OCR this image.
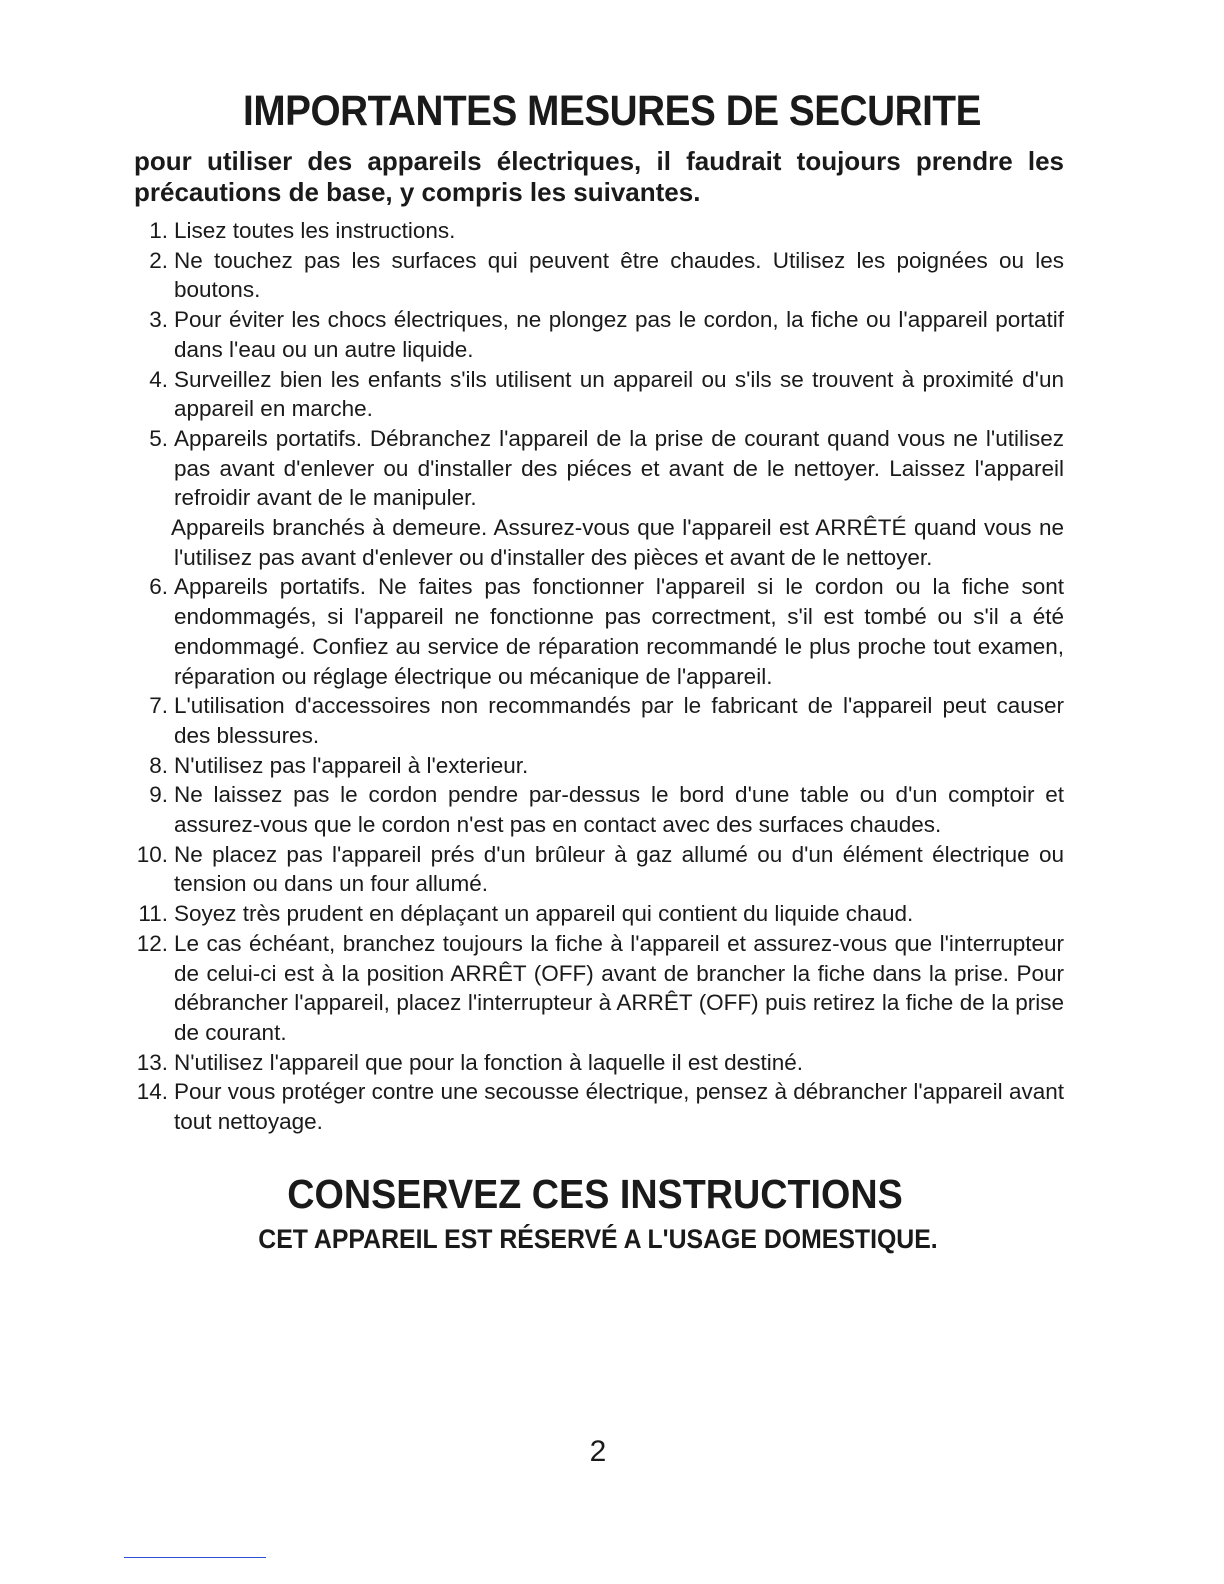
IMPORTANTES MESURES DE SECURITE

pour utiliser des appareils électriques, il faudrait toujours prendre les précautions de base, y compris les suivantes.

1. Lisez toutes les instructions.
2. Ne touchez pas les surfaces qui peuvent être chaudes. Utilisez les poignées ou les boutons.
3. Pour éviter les chocs électriques, ne plongez pas le cordon, la fiche ou l'appareil portatif dans l'eau ou un autre liquide.
4. Surveillez bien les enfants s'ils utilisent un appareil ou s'ils se trouvent à proximité d'un appareil en marche.
5. Appareils portatifs. Débranchez l'appareil de la prise de courant quand vous ne l'utilisez pas avant d'enlever ou d'installer des piéces et avant de le nettoyer. Laissez l'appareil refroidir avant de le manipuler.
Appareils branchés à demeure. Assurez-vous que l'appareil est ARRÊTÉ quand vous ne l'utilisez pas avant d'enlever ou d'installer des pièces et avant de le nettoyer.
6. Appareils portatifs. Ne faites pas fonctionner l'appareil si le cordon ou la fiche sont endommagés, si l'appareil ne fonctionne pas correctment, s'il est tombé ou s'il a été endommagé. Confiez au service de réparation recommandé le plus proche tout examen, réparation ou réglage électrique ou mécanique de l'appareil.
7. L'utilisation d'accessoires non recommandés par le fabricant de l'appareil peut causer des blessures.
8. N'utilisez pas l'appareil à l'exterieur.
9. Ne laissez pas le cordon pendre par-dessus le bord d'une table ou d'un comptoir et assurez-vous que le cordon n'est pas en contact avec des surfaces chaudes.
10. Ne placez pas l'appareil prés d'un brûleur à gaz allumé ou d'un élément électrique ou tension ou dans un four allumé.
11. Soyez très prudent en déplaçant un appareil qui contient du liquide chaud.
12. Le cas échéant, branchez toujours la fiche à l'appareil et assurez-vous que l'interrupteur de celui-ci est à la position ARRÊT (OFF) avant de brancher la fiche dans la prise. Pour débrancher l'appareil, placez l'interrupteur à ARRÊT (OFF) puis retirez la fiche de la prise de courant.
13. N'utilisez l'appareil que pour la fonction à laquelle il est destiné.
14. Pour vous protéger contre une secousse électrique, pensez à débrancher l'appareil avant tout nettoyage.
CONSERVEZ CES INSTRUCTIONS
CET APPAREIL EST RÉSERVÉ A L'USAGE DOMESTIQUE.
2
